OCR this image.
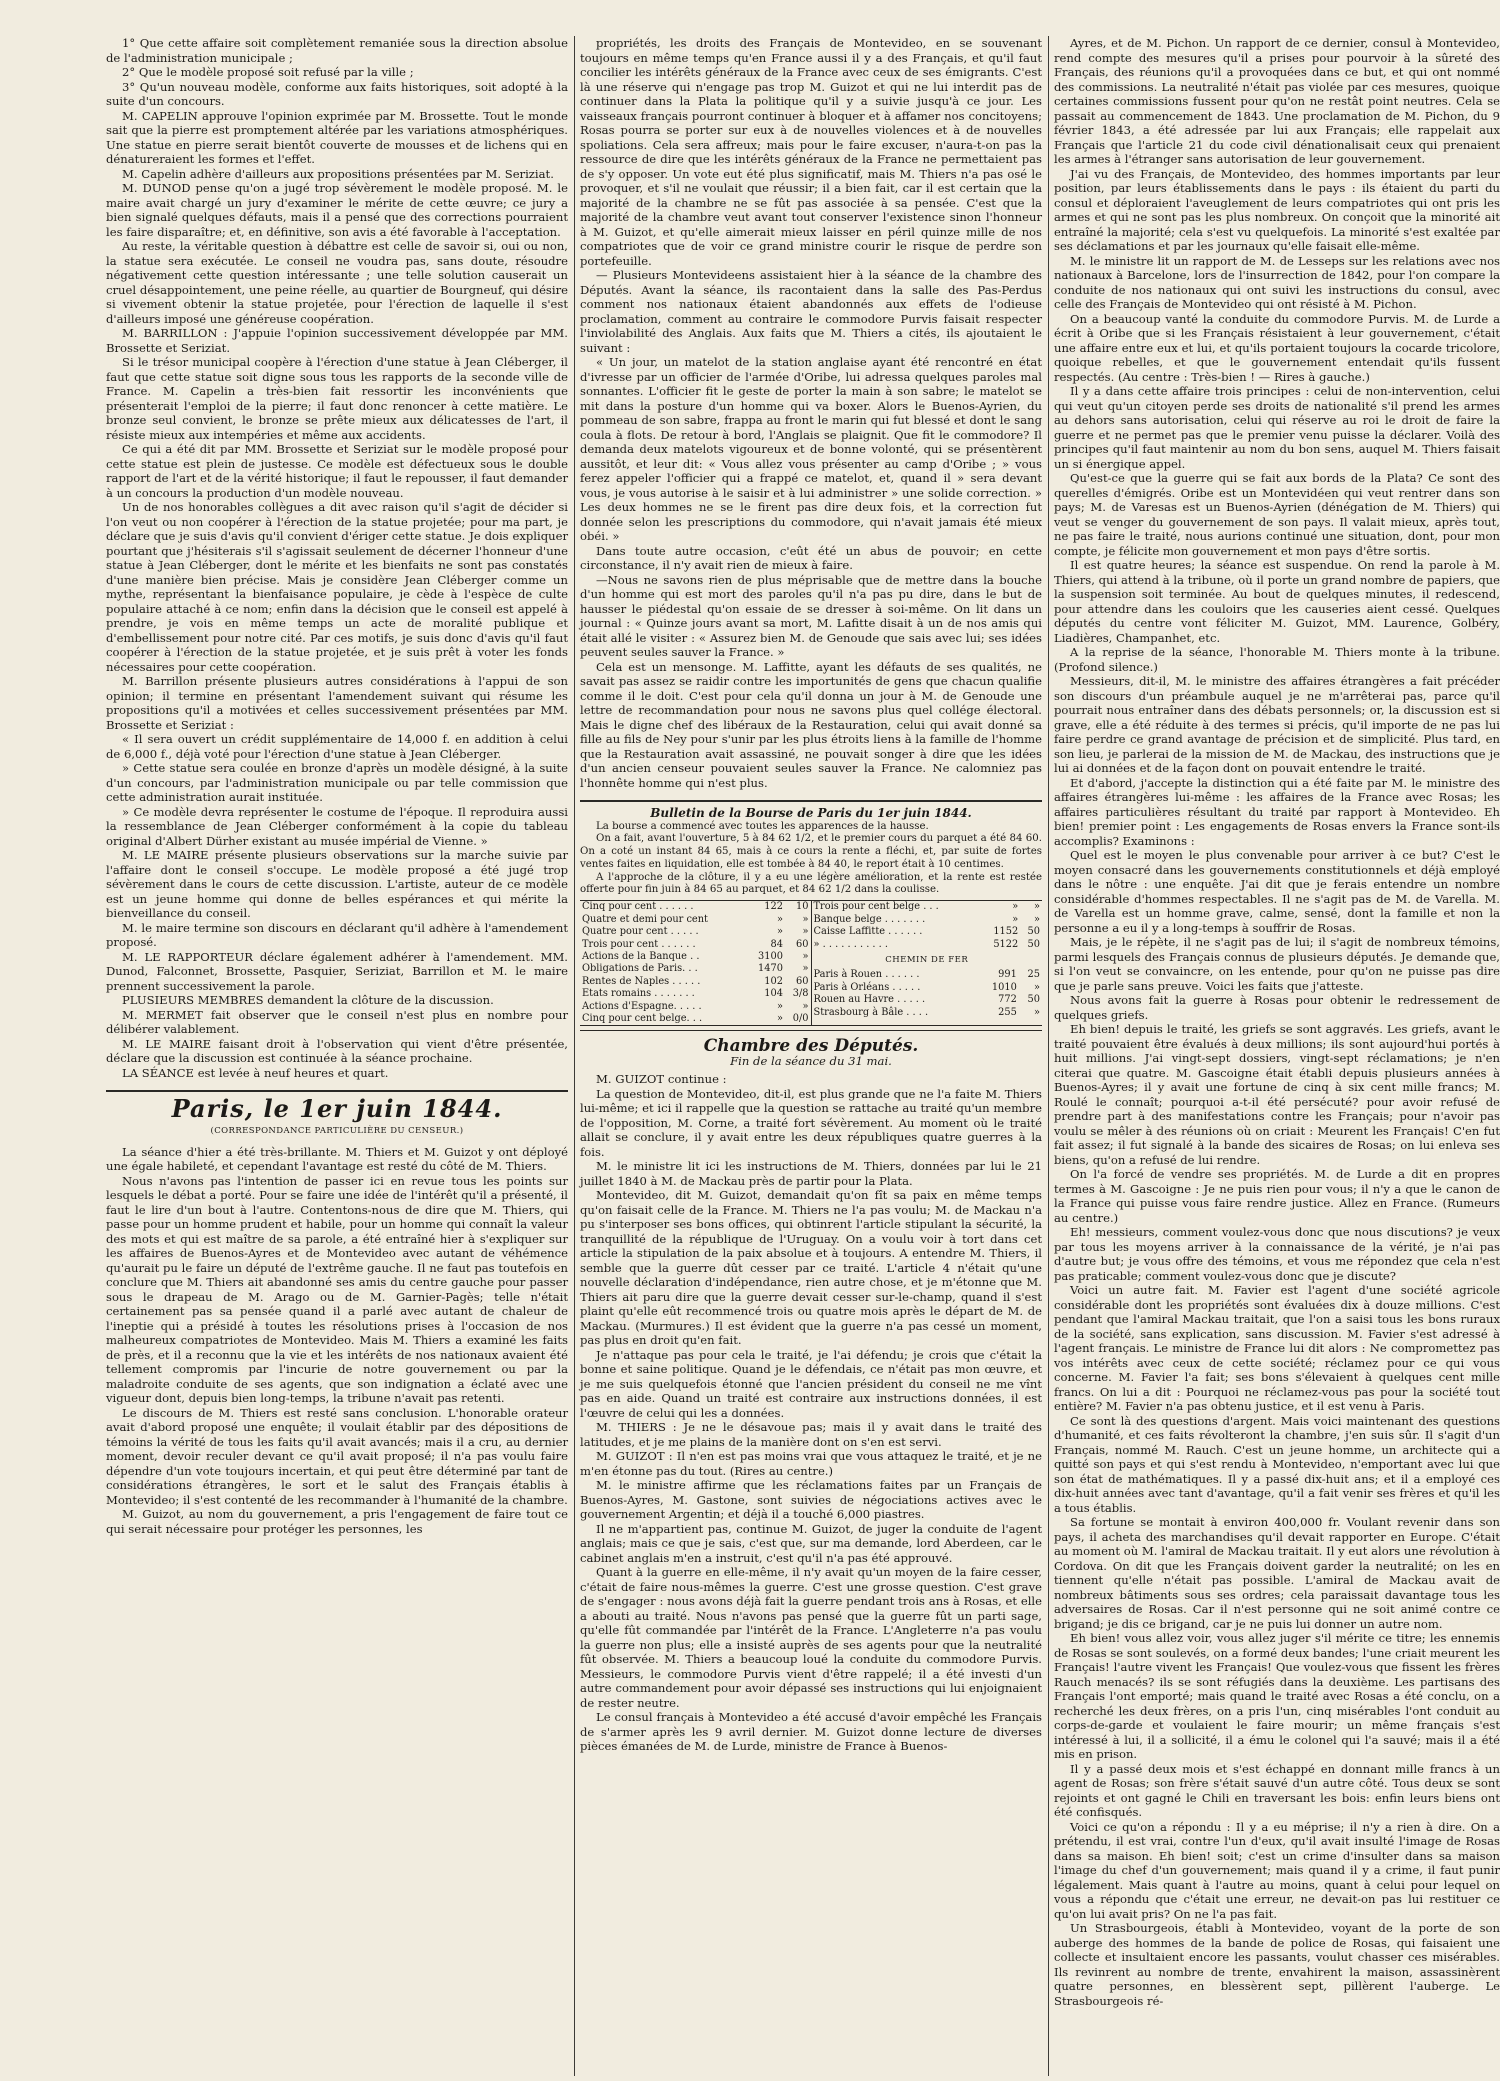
1° Que cette affaire soit complètement remaniée sous la direction absolue de l'administration municipale ;

2° Que le modèle proposé soit refusé par la ville ;

3° Qu'un nouveau modèle, conforme aux faits historiques, soit adopté à la suite d'un concours.

M. CAPELIN approuve l'opinion exprimée par M. Brossette. Tout le monde sait que la pierre est promptement altérée par les variations atmosphériques. Une statue en pierre serait bientôt couverte de mousses et de lichens qui en dénatureraient les formes et l'effet.

M. Capelin adhère d'ailleurs aux propositions présentées par M. Seriziat.

M. DUNOD pense qu'on a jugé trop sévèrement le modèle proposé. M. le maire avait chargé un jury d'examiner le mérite de cette œuvre; ce jury a bien signalé quelques défauts, mais il a pensé que des corrections pourraient les faire disparaître; et, en définitive, son avis a été favorable à l'acceptation.

Au reste, la véritable question à débattre est celle de savoir si, oui ou non, la statue sera exécutée. Le conseil ne voudra pas, sans doute, résoudre négativement cette question intéressante ; une telle solution causerait un cruel désappointement, une peine réelle, au quartier de Bourgneuf, qui désire si vivement obtenir la statue projetée, pour l'érection de laquelle il s'est d'ailleurs imposé une généreuse coopération.

M. BARRILLON : J'appuie l'opinion successivement développée par MM. Brossette et Seriziat.

Si le trésor municipal coopère à l'érection d'une statue à Jean Cléberger, il faut que cette statue soit digne sous tous les rapports de la seconde ville de France. M. Capelin a très-bien fait ressortir les inconvénients que présenterait l'emploi de la pierre; il faut donc renoncer à cette matière. Le bronze seul convient, le bronze se prête mieux aux délicatesses de l'art, il résiste mieux aux intempéries et même aux accidents.

Ce qui a été dit par MM. Brossette et Seriziat sur le modèle proposé pour cette statue est plein de justesse. Ce modèle est défectueux sous le double rapport de l'art et de la vérité historique; il faut le repousser, il faut demander à un concours la production d'un modèle nouveau.

Un de nos honorables collègues a dit avec raison qu'il s'agit de décider si l'on veut ou non coopérer à l'érection de la statue projetée; pour ma part, je déclare que je suis d'avis qu'il convient d'ériger cette statue. Je dois expliquer pourtant que j'hésiterais s'il s'agissait seulement de décerner l'honneur d'une statue à Jean Cléberger, dont le mérite et les bienfaits ne sont pas constatés d'une manière bien précise. Mais je considère Jean Cléberger comme un mythe, représentant la bienfaisance populaire, je cède à l'espèce de culte populaire attaché à ce nom; enfin dans la décision que le conseil est appelé à prendre, je vois en même temps un acte de moralité publique et d'embellissement pour notre cité. Par ces motifs, je suis donc d'avis qu'il faut coopérer à l'érection de la statue projetée, et je suis prêt à voter les fonds nécessaires pour cette coopération.

M. Barrillon présente plusieurs autres considérations à l'appui de son opinion; il termine en présentant l'amendement suivant qui résume les propositions qu'il a motivées et celles successivement présentées par MM. Brossette et Seriziat :

« Il sera ouvert un crédit supplémentaire de 14,000 f. en addition à celui de 6,000 f., déjà voté pour l'érection d'une statue à Jean Cléberger.

» Cette statue sera coulée en bronze d'après un modèle désigné, à la suite d'un concours, par l'administration municipale ou par telle commission que cette administration aurait instituée.

» Ce modèle devra représenter le costume de l'époque. Il reproduira aussi la ressemblance de Jean Cléberger conformément à la copie du tableau original d'Albert Dürher existant au musée impérial de Vienne. »

M. LE MAIRE présente plusieurs observations sur la marche suivie par l'affaire dont le conseil s'occupe. Le modèle proposé a été jugé trop sévèrement dans le cours de cette discussion. L'artiste, auteur de ce modèle est un jeune homme qui donne de belles espérances et qui mérite la bienveillance du conseil.

M. le maire termine son discours en déclarant qu'il adhère à l'amendement proposé.

M. LE RAPPORTEUR déclare également adhérer à l'amendement. MM. Dunod, Falconnet, Brossette, Pasquier, Seriziat, Barrillon et M. le maire prennent successivement la parole.

PLUSIEURS MEMBRES demandent la clôture de la discussion.

M. MERMET fait observer que le conseil n'est plus en nombre pour délibérer valablement.

M. LE MAIRE faisant droit à l'observation qui vient d'être présentée, déclare que la discussion est continuée à la séance prochaine.

LA SÉANCE est levée à neuf heures et quart.

Paris, le 1er juin 1844.
(CORRESPONDANCE PARTICULIÈRE DU CENSEUR.)

La séance d'hier a été très-brillante. M. Thiers et M. Guizot y ont déployé une égale habileté, et cependant l'avantage est resté du côté de M. Thiers.

Nous n'avons pas l'intention de passer ici en revue tous les points sur lesquels le débat a porté. Pour se faire une idée de l'intérêt qu'il a présenté, il faut le lire d'un bout à l'autre. Contentons-nous de dire que M. Thiers, qui passe pour un homme prudent et habile, pour un homme qui connaît la valeur des mots et qui est maître de sa parole, a été entraîné hier à s'expliquer sur les affaires de Buenos-Ayres et de Montevideo avec autant de véhémence qu'aurait pu le faire un député de l'extrême gauche. Il ne faut pas toutefois en conclure que M. Thiers ait abandonné ses amis du centre gauche pour passer sous le drapeau de M. Arago ou de M. Garnier-Pagès; telle n'était certainement pas sa pensée quand il a parlé avec autant de chaleur de l'ineptie qui a présidé à toutes les résolutions prises à l'occasion de nos malheureux compatriotes de Montevideo. Mais M. Thiers a examiné les faits de près, et il a reconnu que la vie et les intérêts de nos nationaux avaient été tellement compromis par l'incurie de notre gouvernement ou par la maladroite conduite de ses agents, que son indignation a éclaté avec une vigueur dont, depuis bien long-temps, la tribune n'avait pas retenti.

Le discours de M. Thiers est resté sans conclusion. L'honorable orateur avait d'abord proposé une enquête; il voulait établir par des dépositions de témoins la vérité de tous les faits qu'il avait avancés; mais il a cru, au dernier moment, devoir reculer devant ce qu'il avait proposé; il n'a pas voulu faire dépendre d'un vote toujours incertain, et qui peut être déterminé par tant de considérations étrangères, le sort et le salut des Français établis à Montevideo; il s'est contenté de les recommander à l'humanité de la chambre.

M. Guizot, au nom du gouvernement, a pris l'engagement de faire tout ce qui serait nécessaire pour protéger les personnes, les

propriétés, les droits des Français de Montevideo, en se souvenant toujours en même temps qu'en France aussi il y a des Français, et qu'il faut concilier les intérêts généraux de la France avec ceux de ses émigrants. C'est là une réserve qui n'engage pas trop M. Guizot et qui ne lui interdit pas de continuer dans la Plata la politique qu'il y a suivie jusqu'à ce jour. Les vaisseaux français pourront continuer à bloquer et à affamer nos concitoyens; Rosas pourra se porter sur eux à de nouvelles violences et à de nouvelles spoliations. Cela sera affreux; mais pour le faire excuser, n'aura-t-on pas la ressource de dire que les intérêts généraux de la France ne permettaient pas de s'y opposer. Un vote eut été plus significatif, mais M. Thiers n'a pas osé le provoquer, et s'il ne voulait que réussir; il a bien fait, car il est certain que la majorité de la chambre ne se fût pas associée à sa pensée. C'est que la majorité de la chambre veut avant tout conserver l'existence sinon l'honneur à M. Guizot, et qu'elle aimerait mieux laisser en péril quinze mille de nos compatriotes que de voir ce grand ministre courir le risque de perdre son portefeuille.

— Plusieurs Montevideens assistaient hier à la séance de la chambre des Députés. Avant la séance, ils racontaient dans la salle des Pas-Perdus comment nos nationaux étaient abandonnés aux effets de l'odieuse proclamation, comment au contraire le commodore Purvis faisait respecter l'inviolabilité des Anglais. Aux faits que M. Thiers a cités, ils ajoutaient le suivant :

« Un jour, un matelot de la station anglaise ayant été rencontré en état d'ivresse par un officier de l'armée d'Oribe, lui adressa quelques paroles mal sonnantes. L'officier fit le geste de porter la main à son sabre; le matelot se mit dans la posture d'un homme qui va boxer. Alors le Buenos-Ayrien, du pommeau de son sabre, frappa au front le marin qui fut blessé et dont le sang coula à flots. De retour à bord, l'Anglais se plaignit. Que fit le commodore? Il demanda deux matelots vigoureux et de bonne volonté, qui se présentèrent aussitôt, et leur dit: « Vous allez vous présenter au camp d'Oribe ; » vous ferez appeler l'officier qui a frappé ce matelot, et, quand il » sera devant vous, je vous autorise à le saisir et à lui administrer » une solide correction. » Les deux hommes ne se le firent pas dire deux fois, et la correction fut donnée selon les prescriptions du commodore, qui n'avait jamais été mieux obéi. »

Dans toute autre occasion, c'eût été un abus de pouvoir; en cette circonstance, il n'y avait rien de mieux à faire.

—Nous ne savons rien de plus méprisable que de mettre dans la bouche d'un homme qui est mort des paroles qu'il n'a pas pu dire, dans le but de hausser le piédestal qu'on essaie de se dresser à soi-même. On lit dans un journal : « Quinze jours avant sa mort, M. Lafitte disait à un de nos amis qui était allé le visiter : « Assurez bien M. de Genoude que sais avec lui; ses idées peuvent seules sauver la France. »

Cela est un mensonge. M. Laffitte, ayant les défauts de ses qualités, ne savait pas assez se raidir contre les importunités de gens que chacun qualifie comme il le doit. C'est pour cela qu'il donna un jour à M. de Genoude une lettre de recommandation pour nous ne savons plus quel collége électoral. Mais le digne chef des libéraux de la Restauration, celui qui avait donné sa fille au fils de Ney pour s'unir par les plus étroits liens à la famille de l'homme que la Restauration avait assassiné, ne pouvait songer à dire que les idées d'un ancien censeur pouvaient seules sauver la France. Ne calomniez pas l'honnête homme qui n'est plus.

Bulletin de la Bourse de Paris du 1er juin 1844.

La bourse a commencé avec toutes les apparences de la hausse.

On a fait, avant l'ouverture, 5 à 84 62 1/2, et le premier cours du parquet a été 84 60. On a coté un instant 84 65, mais à ce cours la rente a fléchi, et, par suite de fortes ventes faites en liquidation, elle est tombée à 84 40, le report était à 10 centimes.

A l'approche de la clôture, il y a eu une légère amélioration, et la rente est restée offerte pour fin juin à 84 65 au parquet, et 84 62 1/2 dans la coulisse.

Cinq pour cent . . . . . .	122	10
Quatre et demi pour cent	»	»
Quatre pour cent . . . . .	»	»
Trois pour cent . . . . . .	84	60
Actions de la Banque . .	3100	»
Obligations de Paris. . .	1470	»
Rentes de Naples . . . . .	102	60
Etats romains . . . . . . .	104	3/8
Actions d'Espagne. . . . .	»	»
Cinq pour cent belge. . .	»	0/0
Trois pour cent belge . . .	»	»
Banque belge . . . . . . .	»	»
Caisse Laffitte . . . . . .	1152	50
» . . . . . . . . . . .	5122	50
CHEMIN DE FER
Paris à Rouen . . . . . .	991	25
Paris à Orléans . . . . .	1010	»
Rouen au Havre . . . . .	772	50
Strasbourg à Bâle . . . .	255	»
Chambre des Députés.
Fin de la séance du 31 mai.

M. GUIZOT continue :

La question de Montevideo, dit-il, est plus grande que ne l'a faite M. Thiers lui-même; et ici il rappelle que la question se rattache au traité qu'un membre de l'opposition, M. Corne, a traité fort sévèrement. Au moment où le traité allait se conclure, il y avait entre les deux républiques quatre guerres à la fois.

M. le ministre lit ici les instructions de M. Thiers, données par lui le 21 juillet 1840 à M. de Mackau près de partir pour la Plata.

Montevideo, dit M. Guizot, demandait qu'on fît sa paix en même temps qu'on faisait celle de la France. M. Thiers ne l'a pas voulu; M. de Mackau n'a pu s'interposer ses bons offices, qui obtinrent l'article stipulant la sécurité, la tranquillité de la république de l'Uruguay. On a voulu voir à tort dans cet article la stipulation de la paix absolue et à toujours. A entendre M. Thiers, il semble que la guerre dût cesser par ce traité. L'article 4 n'était qu'une nouvelle déclaration d'indépendance, rien autre chose, et je m'étonne que M. Thiers ait paru dire que la guerre devait cesser sur-le-champ, quand il s'est plaint qu'elle eût recommencé trois ou quatre mois après le départ de M. de Mackau. (Murmures.) Il est évident que la guerre n'a pas cessé un moment, pas plus en droit qu'en fait.

Je n'attaque pas pour cela le traité, je l'ai défendu; je crois que c'était la bonne et saine politique. Quand je le défendais, ce n'était pas mon œuvre, et je me suis quelquefois étonné que l'ancien président du conseil ne me vînt pas en aide. Quand un traité est contraire aux instructions données, il est l'œuvre de celui qui les a données.

M. THIERS : Je ne le désavoue pas; mais il y avait dans le traité des latitudes, et je me plains de la manière dont on s'en est servi.

M. GUIZOT : Il n'en est pas moins vrai que vous attaquez le traité, et je ne m'en étonne pas du tout. (Rires au centre.)

M. le ministre affirme que les réclamations faites par un Français de Buenos-Ayres, M. Gastone, sont suivies de négociations actives avec le gouvernement Argentin; et déjà il a touché 6,000 piastres.

Il ne m'appartient pas, continue M. Guizot, de juger la conduite de l'agent anglais; mais ce que je sais, c'est que, sur ma demande, lord Aberdeen, car le cabinet anglais m'en a instruit, c'est qu'il n'a pas été approuvé.

Quant à la guerre en elle-même, il n'y avait qu'un moyen de la faire cesser, c'était de faire nous-mêmes la guerre. C'est une grosse question. C'est grave de s'engager : nous avons déjà fait la guerre pendant trois ans à Rosas, et elle a abouti au traité. Nous n'avons pas pensé que la guerre fût un parti sage, qu'elle fût commandée par l'intérêt de la France. L'Angleterre n'a pas voulu la guerre non plus; elle a insisté auprès de ses agents pour que la neutralité fût observée. M. Thiers a beaucoup loué la conduite du commodore Purvis. Messieurs, le commodore Purvis vient d'être rappelé; il a été investi d'un autre commandement pour avoir dépassé ses instructions qui lui enjoignaient de rester neutre.

Le consul français à Montevideo a été accusé d'avoir empêché les Français de s'armer après les 9 avril dernier. M. Guizot donne lecture de diverses pièces émanées de M. de Lurde, ministre de France à Buenos-

Ayres, et de M. Pichon. Un rapport de ce dernier, consul à Montevideo, rend compte des mesures qu'il a prises pour pourvoir à la sûreté des Français, des réunions qu'il a provoquées dans ce but, et qui ont nommé des commissions. La neutralité n'était pas violée par ces mesures, quoique certaines commissions fussent pour qu'on ne restât point neutres. Cela se passait au commencement de 1843. Une proclamation de M. Pichon, du 9 février 1843, a été adressée par lui aux Français; elle rappelait aux Français que l'article 21 du code civil dénationalisait ceux qui prenaient les armes à l'étranger sans autorisation de leur gouvernement.

J'ai vu des Français, de Montevideo, des hommes importants par leur position, par leurs établissements dans le pays : ils étaient du parti du consul et déploraient l'aveuglement de leurs compatriotes qui ont pris les armes et qui ne sont pas les plus nombreux. On conçoit que la minorité ait entraîné la majorité; cela s'est vu quelquefois. La minorité s'est exaltée par ses déclamations et par les journaux qu'elle faisait elle-même.

M. le ministre lit un rapport de M. de Lesseps sur les relations avec nos nationaux à Barcelone, lors de l'insurrection de 1842, pour l'on compare la conduite de nos nationaux qui ont suivi les instructions du consul, avec celle des Français de Montevideo qui ont résisté à M. Pichon.

On a beaucoup vanté la conduite du commodore Purvis. M. de Lurde a écrit à Oribe que si les Français résistaient à leur gouvernement, c'était une affaire entre eux et lui, et qu'ils portaient toujours la cocarde tricolore, quoique rebelles, et que le gouvernement entendait qu'ils fussent respectés. (Au centre : Très-bien ! — Rires à gauche.)

Il y a dans cette affaire trois principes : celui de non-intervention, celui qui veut qu'un citoyen perde ses droits de nationalité s'il prend les armes au dehors sans autorisation, celui qui réserve au roi le droit de faire la guerre et ne permet pas que le premier venu puisse la déclarer. Voilà des principes qu'il faut maintenir au nom du bon sens, auquel M. Thiers faisait un si énergique appel.

Qu'est-ce que la guerre qui se fait aux bords de la Plata? Ce sont des querelles d'émigrés. Oribe est un Montevidéen qui veut rentrer dans son pays; M. de Varesas est un Buenos-Ayrien (dénégation de M. Thiers) qui veut se venger du gouvernement de son pays. Il valait mieux, après tout, ne pas faire le traité, nous aurions continué une situation, dont, pour mon compte, je félicite mon gouvernement et mon pays d'être sortis.

Il est quatre heures; la séance est suspendue. On rend la parole à M. Thiers, qui attend à la tribune, où il porte un grand nombre de papiers, que la suspension soit terminée. Au bout de quelques minutes, il redescend, pour attendre dans les couloirs que les causeries aient cessé. Quelques députés du centre vont féliciter M. Guizot, MM. Laurence, Golbéry, Liadières, Champanhet, etc.

A la reprise de la séance, l'honorable M. Thiers monte à la tribune. (Profond silence.)

Messieurs, dit-il, M. le ministre des affaires étrangères a fait précéder son discours d'un préambule auquel je ne m'arrêterai pas, parce qu'il pourrait nous entraîner dans des débats personnels; or, la discussion est si grave, elle a été réduite à des termes si précis, qu'il importe de ne pas lui faire perdre ce grand avantage de précision et de simplicité. Plus tard, en son lieu, je parlerai de la mission de M. de Mackau, des instructions que je lui ai données et de la façon dont on pouvait entendre le traité.

Et d'abord, j'accepte la distinction qui a été faite par M. le ministre des affaires étrangères lui-même : les affaires de la France avec Rosas; les affaires particulières résultant du traité par rapport à Montevideo. Eh bien! premier point : Les engagements de Rosas envers la France sont-ils accomplis? Examinons :

Quel est le moyen le plus convenable pour arriver à ce but? C'est le moyen consacré dans les gouvernements constitutionnels et déjà employé dans le nôtre : une enquête. J'ai dit que je ferais entendre un nombre considérable d'hommes respectables. Il ne s'agit pas de M. de Varella. M. de Varella est un homme grave, calme, sensé, dont la famille et non la personne a eu il y a long-temps à souffrir de Rosas.

Mais, je le répète, il ne s'agit pas de lui; il s'agit de nombreux témoins, parmi lesquels des Français connus de plusieurs députés. Je demande que, si l'on veut se convaincre, on les entende, pour qu'on ne puisse pas dire que je parle sans preuve. Voici les faits que j'atteste.

Nous avons fait la guerre à Rosas pour obtenir le redressement de quelques griefs.

Eh bien! depuis le traité, les griefs se sont aggravés. Les griefs, avant le traité pouvaient être évalués à deux millions; ils sont aujourd'hui portés à huit millions. J'ai vingt-sept dossiers, vingt-sept réclamations; je n'en citerai que quatre. M. Gascoigne était établi depuis plusieurs années à Buenos-Ayres; il y avait une fortune de cinq à six cent mille francs; M. Roulé le connaît; pourquoi a-t-il été persécuté? pour avoir refusé de prendre part à des manifestations contre les Français; pour n'avoir pas voulu se mêler à des réunions où on criait : Meurent les Français! C'en fut fait assez; il fut signalé à la bande des sicaires de Rosas; on lui enleva ses biens, qu'on a refusé de lui rendre.

On l'a forcé de vendre ses propriétés. M. de Lurde a dit en propres termes à M. Gascoigne : Je ne puis rien pour vous; il n'y a que le canon de la France qui puisse vous faire rendre justice. Allez en France. (Rumeurs au centre.)

Eh! messieurs, comment voulez-vous donc que nous discutions? je veux par tous les moyens arriver à la connaissance de la vérité, je n'ai pas d'autre but; je vous offre des témoins, et vous me répondez que cela n'est pas praticable; comment voulez-vous donc que je discute?

Voici un autre fait. M. Favier est l'agent d'une société agricole considérable dont les propriétés sont évaluées dix à douze millions. C'est pendant que l'amiral Mackau traitait, que l'on a saisi tous les bons ruraux de la société, sans explication, sans discussion. M. Favier s'est adressé à l'agent français. Le ministre de France lui dit alors : Ne compromettez pas vos intérêts avec ceux de cette société; réclamez pour ce qui vous concerne. M. Favier l'a fait; ses bons s'élevaient à quelques cent mille francs. On lui a dit : Pourquoi ne réclamez-vous pas pour la société tout entière? M. Favier n'a pas obtenu justice, et il est venu à Paris.

Ce sont là des questions d'argent. Mais voici maintenant des questions d'humanité, et ces faits révolteront la chambre, j'en suis sûr. Il s'agit d'un Français, nommé M. Rauch. C'est un jeune homme, un architecte qui a quitté son pays et qui s'est rendu à Montevideo, n'emportant avec lui que son état de mathématiques. Il y a passé dix-huit ans; et il a employé ces dix-huit années avec tant d'avantage, qu'il a fait venir ses frères et qu'il les a tous établis.

Sa fortune se montait à environ 400,000 fr. Voulant revenir dans son pays, il acheta des marchandises qu'il devait rapporter en Europe. C'était au moment où M. l'amiral de Mackau traitait. Il y eut alors une révolution à Cordova. On dit que les Français doivent garder la neutralité; on les en tiennent qu'elle n'était pas possible. L'amiral de Mackau avait de nombreux bâtiments sous ses ordres; cela paraissait davantage tous les adversaires de Rosas. Car il n'est personne qui ne soit animé contre ce brigand; je dis ce brigand, car je ne puis lui donner un autre nom.

Eh bien! vous allez voir, vous allez juger s'il mérite ce titre; les ennemis de Rosas se sont soulevés, on a formé deux bandes; l'une criait meurent les Français! l'autre vivent les Français! Que voulez-vous que fissent les frères Rauch menacés? ils se sont réfugiés dans la deuxième. Les partisans des Français l'ont emporté; mais quand le traité avec Rosas a été conclu, on a recherché les deux frères, on a pris l'un, cinq misérables l'ont conduit au corps-de-garde et voulaient le faire mourir; un même français s'est intéressé à lui, il a sollicité, il a ému le colonel qui l'a sauvé; mais il a été mis en prison.

Il y a passé deux mois et s'est échappé en donnant mille francs à un agent de Rosas; son frère s'était sauvé d'un autre côté. Tous deux se sont rejoints et ont gagné le Chili en traversant les bois: enfin leurs biens ont été confisqués.

Voici ce qu'on a répondu : Il y a eu méprise; il n'y a rien à dire. On a prétendu, il est vrai, contre l'un d'eux, qu'il avait insulté l'image de Rosas dans sa maison. Eh bien! soit; c'est un crime d'insulter dans sa maison l'image du chef d'un gouvernement; mais quand il y a crime, il faut punir légalement. Mais quant à l'autre au moins, quant à celui pour lequel on vous a répondu que c'était une erreur, ne devait-on pas lui restituer ce qu'on lui avait pris? On ne l'a pas fait.

Un Strasbourgeois, établi à Montevideo, voyant de la porte de son auberge des hommes de la bande de police de Rosas, qui faisaient une collecte et insultaient encore les passants, voulut chasser ces misérables. Ils revinrent au nombre de trente, envahirent la maison, assassinèrent quatre personnes, en blessèrent sept, pillèrent l'auberge. Le Strasbourgeois ré-
